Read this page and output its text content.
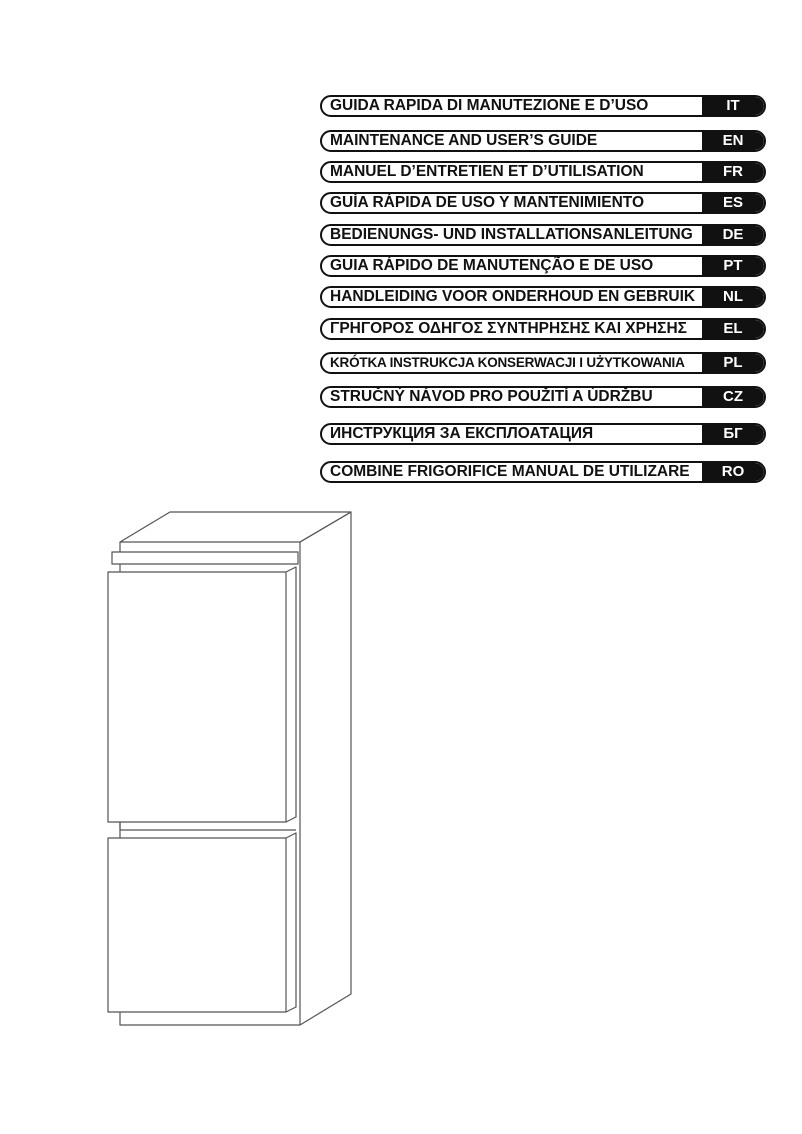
GUIDA RAPIDA DI MANUTEZIONE E D’USO	IT
MAINTENANCE AND USER’S GUIDE	EN
MANUEL D’ENTRETIEN ET D’UTILISATION	FR
GUÌA RÁPIDA DE USO Y MANTENIMIENTO	ES
BEDIENUNGS- UND INSTALLATIONSANLEITUNG	DE
GUIA RÁPIDO DE MANUTENÇÃO E DE USO	PT
HANDLEIDING VOOR ONDERHOUD EN GEBRUIK	NL
ΓΡΗΓΟΡΟΣ ΟΔΗΓΟΣ ΣΥΝΤΗΡΗΣΗΣ ΚΑΙ ΧΡΗΣΗΣ	EL
KRÓTKA INSTRUKCJA KONSERWACJI I UŻYTKOWANIA	PL
STRUČNÝ NÁVOD PRO POUŽITÍ A ÚDRŽBU	CZ
ИНСТРУКЦИЯ ЗА ЕКСПЛОАТАЦИЯ	БГ
COMBINE FRIGORIFICE MANUAL DE UTILIZARE	RO
